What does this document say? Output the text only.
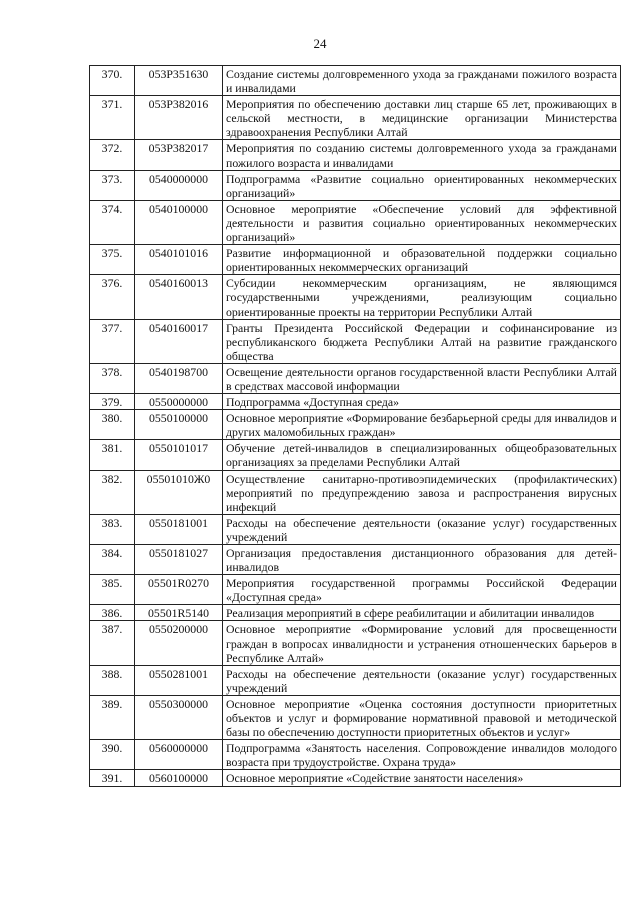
24
370.	053P351630	Создание системы долговременного ухода за гражданами пожилого возраста и инвалидами
371.	053P382016	Мероприятия по обеспечению доставки лиц старше 65 лет, проживающих в сельской местности, в медицинские организации Министерства здравоохранения Республики Алтай
372.	053P382017	Мероприятия по созданию системы долговременного ухода за гражданами пожилого возраста и инвалидами
373.	0540000000	Подпрограмма «Развитие социально ориентированных некоммерческих организаций»
374.	0540100000	Основное мероприятие «Обеспечение условий для эффективной деятельности и развития социально ориентированных некоммерческих организаций»
375.	0540101016	Развитие информационной и образовательной поддержки социально ориентированных некоммерческих организаций
376.	0540160013	Субсидии некоммерческим организациям, не являющимся государственными учреждениями, реализующим социально ориентированные проекты на территории Республики Алтай
377.	0540160017	Гранты Президента Российской Федерации и софинансирование из республиканского бюджета Республики Алтай на развитие гражданского общества
378.	0540198700	Освещение деятельности органов государственной власти Республики Алтай в средствах массовой информации
379.	0550000000	Подпрограмма «Доступная среда»
380.	0550100000	Основное мероприятие «Формирование безбарьерной среды для инвалидов и других маломобильных граждан»
381.	0550101017	Обучение детей-инвалидов в специализированных общеобразовательных организациях за пределами Республики Алтай
382.	05501010Ж0	Осуществление санитарно-противоэпидемических (профилактических) мероприятий по предупреждению завоза и распространения вирусных инфекций
383.	0550181001	Расходы на обеспечение деятельности (оказание услуг) государственных учреждений
384.	0550181027	Организация предоставления дистанционного образования для детей-инвалидов
385.	05501R0270	Мероприятия государственной программы Российской Федерации «Доступная среда»
386.	05501R5140	Реализация мероприятий в сфере реабилитации и абилитации инвалидов
387.	0550200000	Основное мероприятие «Формирование условий для просвещенности граждан в вопросах инвалидности и устранения отношенческих барьеров в Республике Алтай»
388.	0550281001	Расходы на обеспечение деятельности (оказание услуг) государственных учреждений
389.	0550300000	Основное мероприятие «Оценка состояния доступности приоритетных объектов и услуг и формирование нормативной правовой и методической базы по обеспечению доступности приоритетных объектов и услуг»
390.	0560000000	Подпрограмма «Занятость населения. Сопровождение инвалидов молодого возраста при трудоустройстве. Охрана труда»
391.	0560100000	Основное мероприятие «Содействие занятости населения»
